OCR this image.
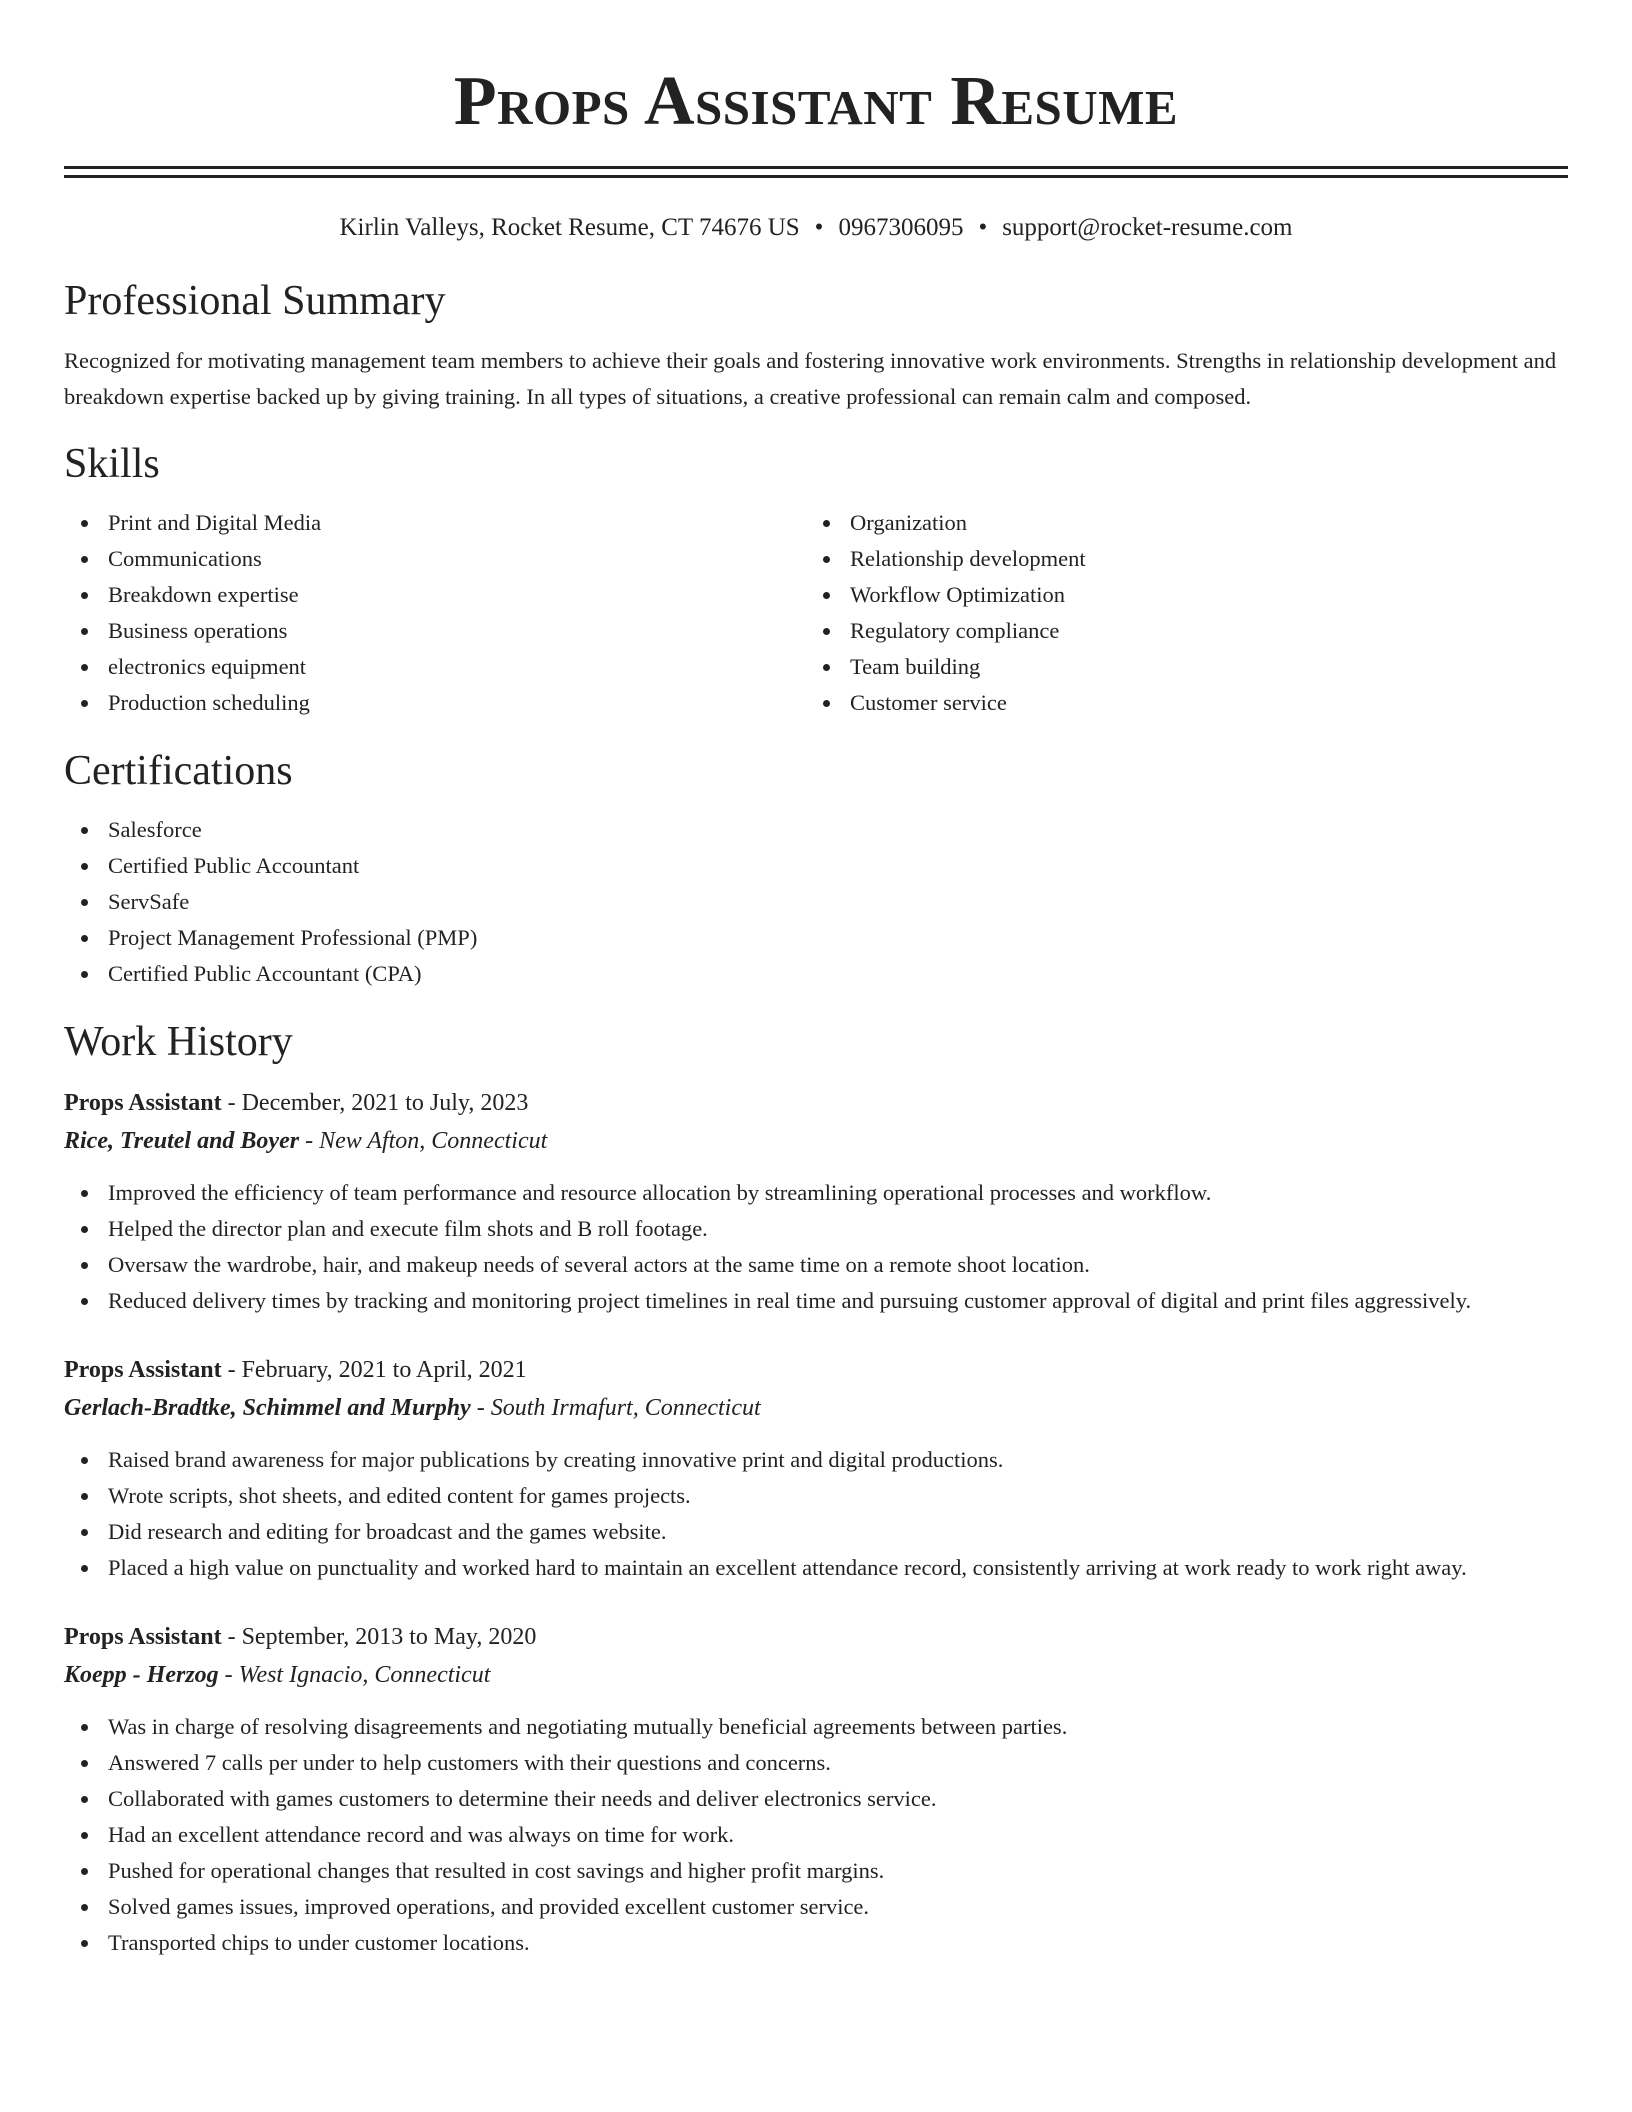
Props Assistant Resume
Kirlin Valleys, Rocket Resume, CT 74676 US • 0967306095 • support@rocket-resume.com
Professional Summary

Recognized for motivating management team members to achieve their goals and fostering innovative work environments. Strengths in relationship development and breakdown expertise backed up by giving training. In all types of situations, a creative professional can remain calm and composed.

Skills
Print and Digital Media
Communications
Breakdown expertise
Business operations
electronics equipment
Production scheduling
Organization
Relationship development
Workflow Optimization
Regulatory compliance
Team building
Customer service
Certifications
Salesforce
Certified Public Accountant
ServSafe
Project Management Professional (PMP)
Certified Public Accountant (CPA)
Work History
Props Assistant - December, 2021 to July, 2023
Rice, Treutel and Boyer - New Afton, Connecticut
Improved the efficiency of team performance and resource allocation by streamlining operational processes and workflow.
Helped the director plan and execute film shots and B roll footage.
Oversaw the wardrobe, hair, and makeup needs of several actors at the same time on a remote shoot location.
Reduced delivery times by tracking and monitoring project timelines in real time and pursuing customer approval of digital and print files aggressively.
Props Assistant - February, 2021 to April, 2021
Gerlach-Bradtke, Schimmel and Murphy - South Irmafurt, Connecticut
Raised brand awareness for major publications by creating innovative print and digital productions.
Wrote scripts, shot sheets, and edited content for games projects.
Did research and editing for broadcast and the games website.
Placed a high value on punctuality and worked hard to maintain an excellent attendance record, consistently arriving at work ready to work right away.
Props Assistant - September, 2013 to May, 2020
Koepp - Herzog - West Ignacio, Connecticut
Was in charge of resolving disagreements and negotiating mutually beneficial agreements between parties.
Answered 7 calls per under to help customers with their questions and concerns.
Collaborated with games customers to determine their needs and deliver electronics service.
Had an excellent attendance record and was always on time for work.
Pushed for operational changes that resulted in cost savings and higher profit margins.
Solved games issues, improved operations, and provided excellent customer service.
Transported chips to under customer locations.
